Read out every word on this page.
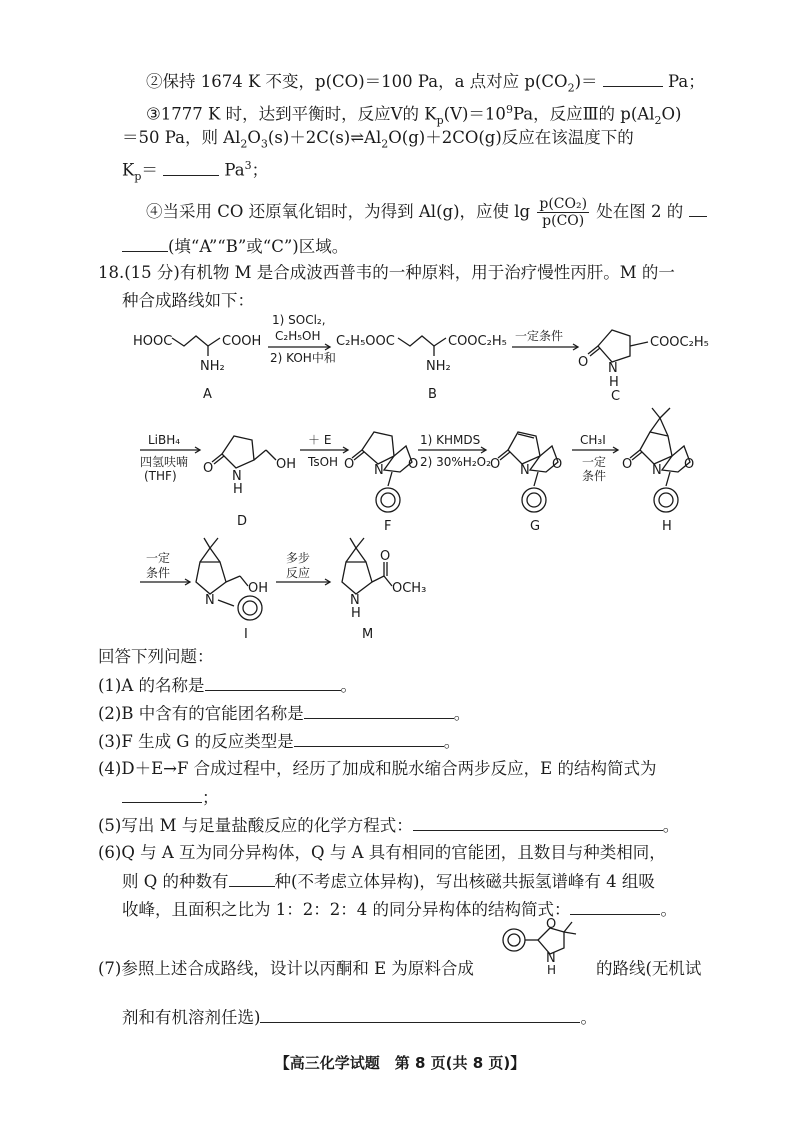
②保持 1674 K 不变，p(CO)＝100 Pa，a 点对应 $p(CO_2)=$	Pa；
③1777 K 时，达到平衡时，反应Ⅴ的 $K_p(Ⅴ)=10^9Pa$，反应Ⅲ的 $p(Al_2O)$
＝50 Pa，则 $Al_2O_3(s)+2C(s)\rightleftharpoons Al_2O(g)+2CO(g)$反应在该温度下的
$K_p=$	$Pa^3$；
④当采用 CO 还原氧化铝时，为得到 Al(g)，应使 $\lg \frac{\text{p(CO₂)}}{p(CO)}$ 处在图 2 的
(填“A”“B”或“C”)区域。
18.(15 分)有机物 M 是合成波西普韦的一种原料，用于治疗慢性丙肝。M 的一
种合成路线如下：
HOOC	COOH
NH₂
A
1) SOCl₂,
C₂H₅OH
2) KOH中和
C₂H₅OOC	COOC₂H₅
NH₂
B
一定条件
O
COOC₂H₅
N
H
C
LiBH₄
四氢呋喃
(THF) O	OH
N
H
D
＋ E
TsOH O N O
F
1) KHMDS
2) 30%H₂O₂ O N O
G
CH₃I
一定
条件
O N O
H
一定
条件
OH
N
I
多步
反应
O
OCH₃
N
H
M
回答下列问题：
(1)A 的名称是	。
(2)B 中含有的官能团名称是	。
(3)F 生成 G 的反应类型是	。
(4)D＋E→F 合成过程中，经历了加成和脱水缩合两步反应，E 的结构简式为
；
(5)写出 M 与足量盐酸反应的化学方程式：	。
(6)Q 与 A 互为同分异构体，Q 与 A 具有相同的官能团，且数目与种类相同，
则 Q 的种数有	种(不考虑立体异构)，写出核磁共振氢谱峰有 4 组吸
收峰，且面积之比为 1：2：2：4 的同分异构体的结构简式：	。
(7)参照上述合成路线，设计以丙酮和 E 为原料合成
O
N
H 的路线(无机试
剂和有机溶剂任选)	。
【高三化学试题　第 8 页(共 8 页)】
